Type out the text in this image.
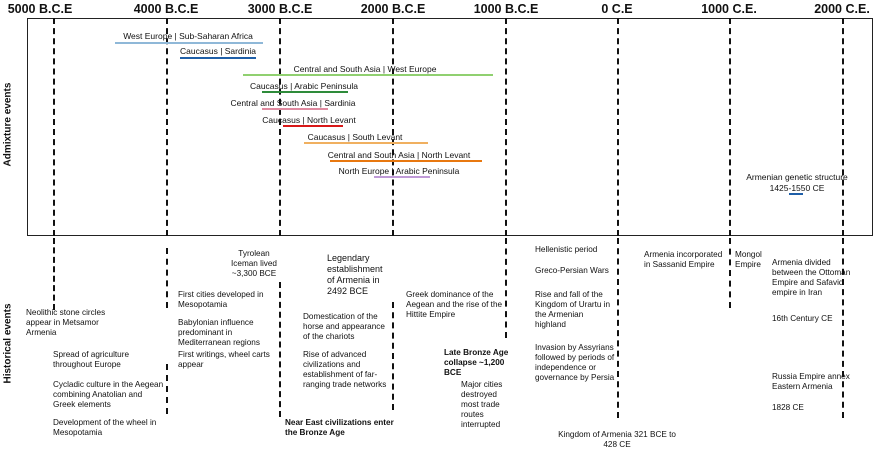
5000 B.C.E	4000 B.C.E	3000 B.C.E	2000 B.C.E	1000 B.C.E	0 C.E	1000 C.E.	2000 C.E.
Admixture events
Historical events
West Europe | Sub-Saharan Africa
Caucasus | Sardinia
Central and South Asia | West Europe
Caucasus | Arabic Peninsula
Central and South Asia | Sardinia
Caucasus | North Levant
Caucasus | South Levant
Central and South Asia | North Levant
North Europe | Arabic Peninsula
Armenian genetic structure
1425-1550 CE
Neolithic stone circles appear in Metsamor Armenia
Spread of agriculture throughout Europe
Cycladic culture in the Aegean combining Anatolian and Greek elements
Development of the wheel in Mesopotamia
Tyrolean Iceman lived ~3,300 BCE
First cities developed in Mesopotamia
Babylonian influence predominant in Mediterranean regions
First writings, wheel carts appear
Legendary establishment of Armenia in 2492 BCE
Domestication of the horse and appearance of the chariots
Rise of advanced civilizations and establishment of far-ranging trade networks
Near East civilizations enter the Bronze Age
Greek dominance of the Aegean and the rise of the Hittite Empire
Late Bronze Age collapse ~1,200 BCE
Major cities destroyed most trade routes interrupted
Hellenistic period
Greco-Persian Wars
Rise and fall of the Kingdom of Urartu in the Armenian highland
Invasion by Assyrians followed by periods of independence or governance by Persia
Kingdom of Armenia 321 BCE to 428 CE
Armenia incorporated in Sassanid Empire
Mongol Empire	Armenia divided between the Ottoman Empire and Safavid empire in Iran
16th Century CE
Russia Empire annex Eastern Armenia
1828 CE
